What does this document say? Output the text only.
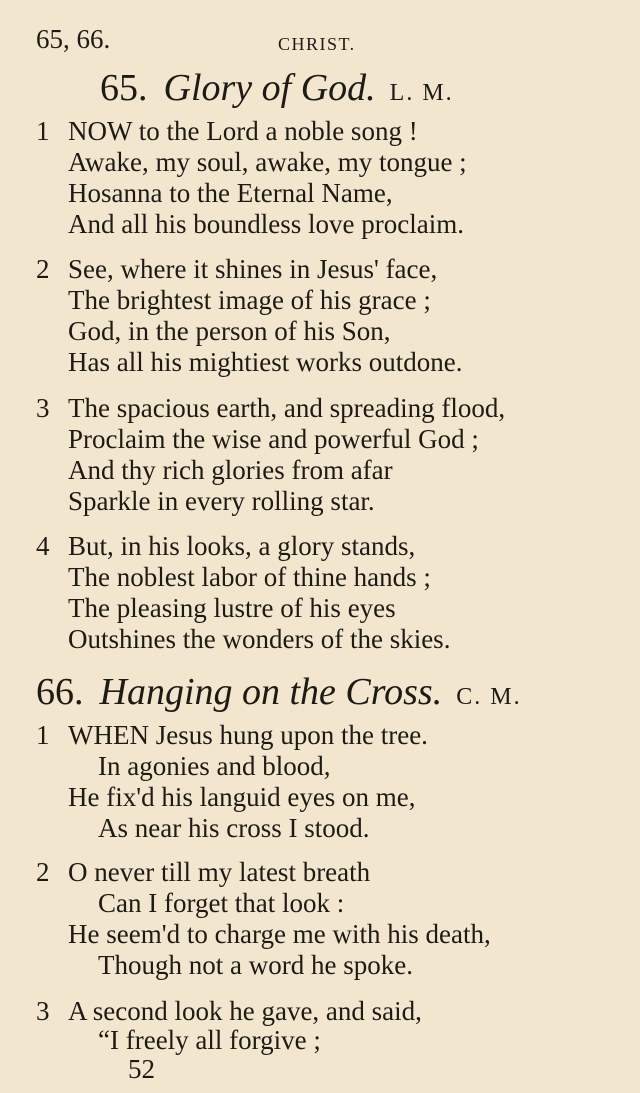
65, 66.	CHRIST.
65. Glory of God. L. M.
1 NOW to the Lord a noble song !
Awake, my soul, awake, my tongue ;
Hosanna to the Eternal Name,
And all his boundless love proclaim.
2 See, where it shines in Jesus' face,
The brightest image of his grace ;
God, in the person of his Son,
Has all his mightiest works outdone.
3 The spacious earth, and spreading flood,
Proclaim the wise and powerful God ;
And thy rich glories from afar
Sparkle in every rolling star.
4 But, in his looks, a glory stands,
The noblest labor of thine hands ;
The pleasing lustre of his eyes
Outshines the wonders of the skies.
66. Hanging on the Cross. C. M.
1 WHEN Jesus hung upon the tree.
In agonies and blood,
He fix'd his languid eyes on me,
As near his cross I stood.
2 O never till my latest breath
Can I forget that look :
He seem'd to charge me with his death,
Though not a word he spoke.
3 A second look he gave, and said,
“I freely all forgive ;
52
